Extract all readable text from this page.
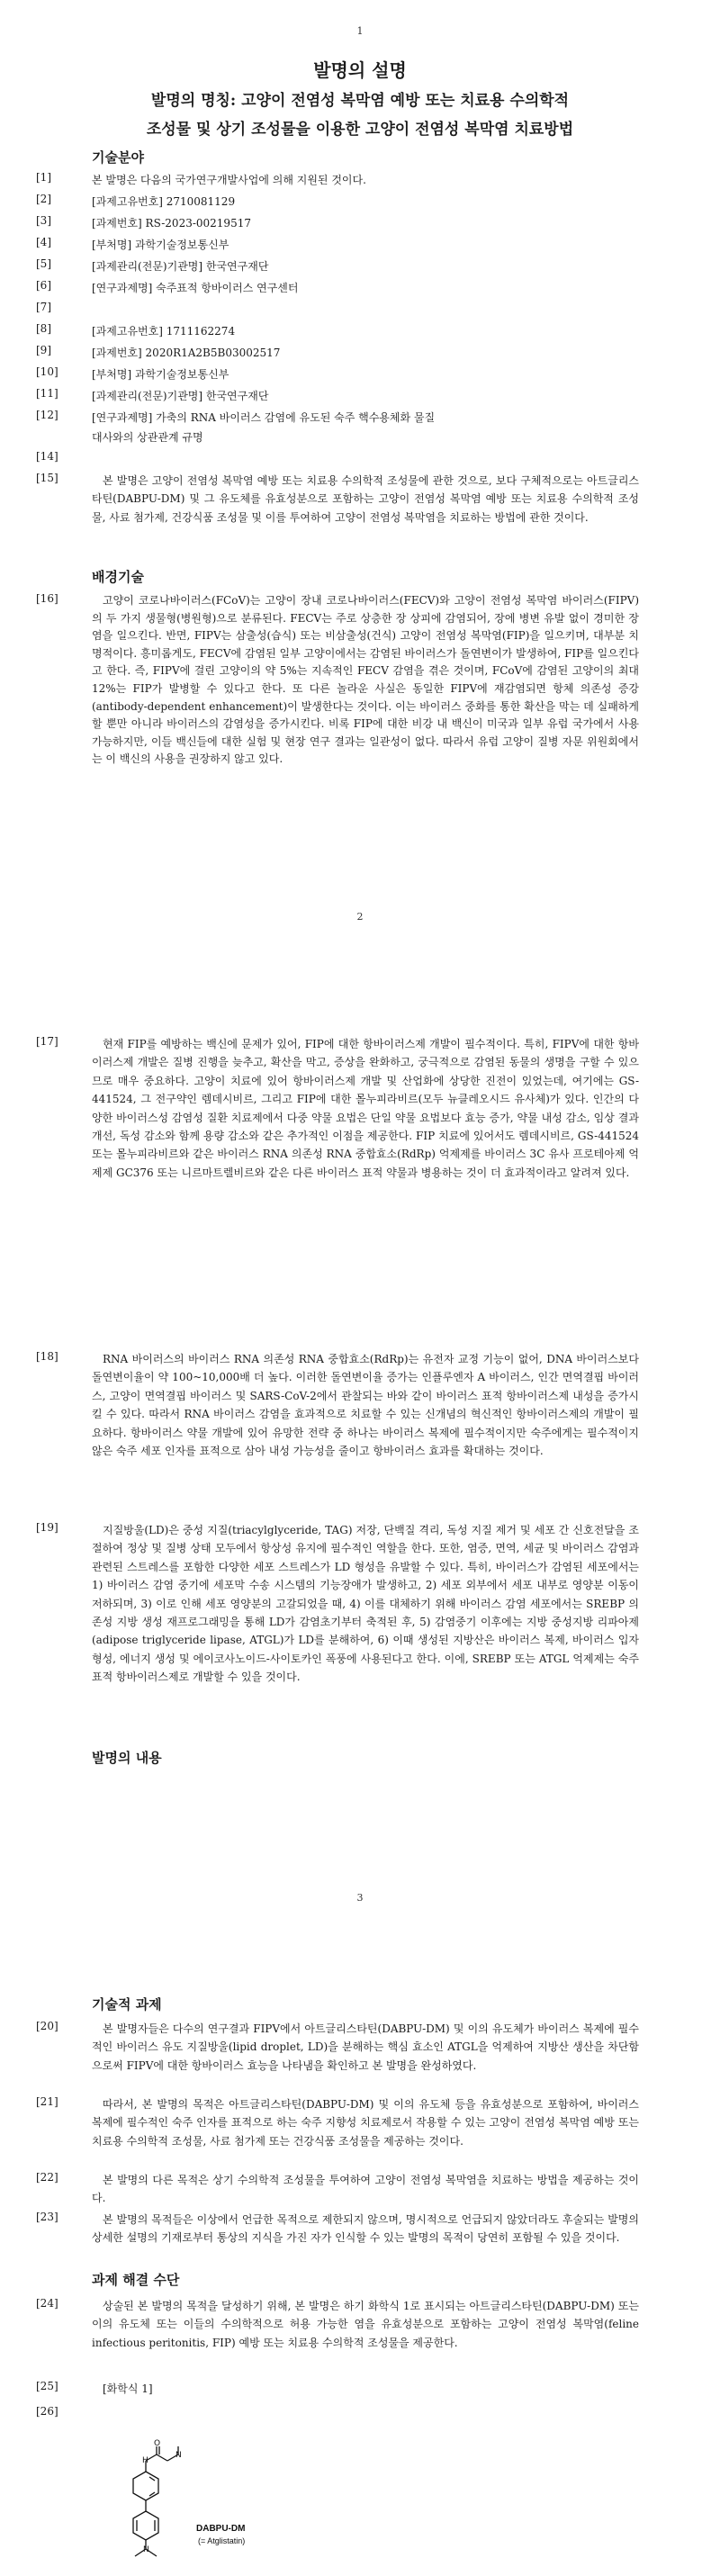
1
발명의 설명
발명의 명칭: 고양이 전염성 복막염 예방 또는 치료용 수의학적
조성물 및 상기 조성물을 이용한 고양이 전염성 복막염 치료방법
기술분야
[1]	본 발명은 다음의 국가연구개발사업에 의해 지원된 것이다.
[2]	[과제고유번호] 2710081129
[3]	[과제번호] RS-2023-00219517
[4]	[부처명] 과학기술정보통신부
[5]	[과제관리(전문)기관명] 한국연구재단
[6]	[연구과제명] 숙주표적 항바이러스 연구센터
[7]
[8]	[과제고유번호] 1711162274
[9]	[과제번호] 2020R1A2B5B03002517
[10]	[부처명] 과학기술정보통신부
[11]	[과제관리(전문)기관명] 한국연구재단
[12]	[연구과제명] 가축의 RNA 바이러스 감염에 유도된 숙주 핵수용체화 물질
대사와의 상관관계 규명
[14]
[15]	본 발명은 고양이 전염성 복막염 예방 또는 치료용 수의학적 조성물에 관한 것으로, 보다 구체적으로는 아트글리스타틴(DABPU-DM) 및 그 유도체를 유효성분으로 포함하는 고양이 전염성 복막염 예방 또는 치료용 수의학적 조성물, 사료 첨가제, 건강식품 조성물 및 이를 투여하여 고양이 전염성 복막염을 치료하는 방법에 관한 것이다.
배경기술
[16]	고양이 코로나바이러스(FCoV)는 고양이 장내 코로나바이러스(FECV)와 고양이 전염성 복막염 바이러스(FIPV)의 두 가지 생물형(병원형)으로 분류된다. FECV는 주로 상층한 장 상피에 감염되어, 장에 병변 유발 없이 경미한 장염을 일으킨다. 반면, FIPV는 삼출성(습식) 또는 비삼출성(건식) 고양이 전염성 복막염(FIP)을 일으키며, 대부분 치명적이다. 흥미롭게도, FECV에 감염된 일부 고양이에서는 감염된 바이러스가 돌연변이가 발생하여, FIP를 일으킨다고 한다. 즉, FIPV에 걸린 고양이의 약 5%는 지속적인 FECV 감염을 겪은 것이며, FCoV에 감염된 고양이의 최대 12%는 FIP가 발병할 수 있다고 한다. 또 다른 놀라운 사실은 동일한 FIPV에 재감염되면 항체 의존성 증강(antibody-dependent enhancement)이 발생한다는 것이다. 이는 바이러스 중화를 통한 확산을 막는 데 실패하게 할 뿐만 아니라 바이러스의 감염성을 증가시킨다. 비록 FIP에 대한 비강 내 백신이 미국과 일부 유럽 국가에서 사용 가능하지만, 이들 백신들에 대한 실험 및 현장 연구 결과는 일관성이 없다. 따라서 유럽 고양이 질병 자문 위원회에서는 이 백신의 사용을 권장하지 않고 있다.
2
[17]	현재 FIP를 예방하는 백신에 문제가 있어, FIP에 대한 항바이러스제 개발이 필수적이다. 특히, FIPV에 대한 항바이러스제 개발은 질병 진행을 늦추고, 확산을 막고, 증상을 완화하고, 궁극적으로 감염된 동물의 생명을 구할 수 있으므로 매우 중요하다. 고양이 치료에 있어 항바이러스제 개발 및 산업화에 상당한 진전이 있었는데, 여기에는 GS-441524, 그 전구약인 렘데시비르, 그리고 FIP에 대한 몰누피라비르(모두 뉴클레오시드 유사체)가 있다. 인간의 다양한 바이러스성 감염성 질환 치료제에서 다중 약물 요법은 단일 약물 요법보다 효능 증가, 약물 내성 감소, 임상 결과 개선, 독성 감소와 함께 용량 감소와 같은 추가적인 이점을 제공한다. FIP 치료에 있어서도 렘데시비르, GS-441524 또는 몰누피라비르와 같은 바이러스 RNA 의존성 RNA 중합효소(RdRp) 억제제를 바이러스 3C 유사 프로테아제 억제제 GC376 또는 니르마트렐비르와 같은 다른 바이러스 표적 약물과 병용하는 것이 더 효과적이라고 알려져 있다.
[18]	RNA 바이러스의 바이러스 RNA 의존성 RNA 중합효소(RdRp)는 유전자 교정 기능이 없어, DNA 바이러스보다 돌연변이율이 약 100~10,000배 더 높다. 이러한 돌연변이율 증가는 인플루엔자 A 바이러스, 인간 면역결핍 바이러스, 고양이 면역결핍 바이러스 및 SARS-CoV-2에서 관찰되는 바와 같이 바이러스 표적 항바이러스제 내성을 증가시킬 수 있다. 따라서 RNA 바이러스 감염을 효과적으로 치료할 수 있는 신개념의 혁신적인 항바이러스제의 개발이 필요하다. 항바이러스 약물 개발에 있어 유망한 전략 중 하나는 바이러스 복제에 필수적이지만 숙주에게는 필수적이지 않은 숙주 세포 인자를 표적으로 삼아 내성 가능성을 줄이고 항바이러스 효과를 확대하는 것이다.
[19]	지질방울(LD)은 중성 지질(triacylglyceride, TAG) 저장, 단백질 격리, 독성 지질 제거 및 세포 간 신호전달을 조절하여 정상 및 질병 상태 모두에서 항상성 유지에 필수적인 역할을 한다. 또한, 염증, 면역, 세균 및 바이러스 감염과 관련된 스트레스를 포함한 다양한 세포 스트레스가 LD 형성을 유발할 수 있다. 특히, 바이러스가 감염된 세포에서는 1) 바이러스 감염 중기에 세포막 수송 시스템의 기능장애가 발생하고, 2) 세포 외부에서 세포 내부로 영양분 이동이 저하되며, 3) 이로 인해 세포 영양분의 고갈되었을 때, 4) 이를 대체하기 위해 바이러스 감염 세포에서는 SREBP 의존성 지방 생성 재프로그래밍을 통해 LD가 감염초기부터 축적된 후, 5) 감염중기 이후에는 지방 중성지방 리파아제(adipose triglyceride lipase, ATGL)가 LD를 분해하여, 6) 이때 생성된 지방산은 바이러스 복제, 바이러스 입자 형성, 에너지 생성 및 에이코사노이드-사이토카인 폭풍에 사용된다고 한다. 이에, SREBP 또는 ATGL 억제제는 숙주 표적 항바이러스제로 개발할 수 있을 것이다.
발명의 내용
3
기술적 과제
[20]	본 발명자들은 다수의 연구결과 FIPV에서 아트글리스타틴(DABPU-DM) 및 이의 유도체가 바이러스 복제에 필수적인 바이러스 유도 지질방울(lipid droplet, LD)을 분해하는 핵심 효소인 ATGL을 억제하여 지방산 생산을 차단함으로써 FIPV에 대한 항바이러스 효능을 나타냄을 확인하고 본 발명을 완성하였다.
[21]	따라서, 본 발명의 목적은 아트글리스타틴(DABPU-DM) 및 이의 유도체 등을 유효성분으로 포함하여, 바이러스 복제에 필수적인 숙주 인자를 표적으로 하는 숙주 지향성 치료제로서 작용할 수 있는 고양이 전염성 복막염 예방 또는 치료용 수의학적 조성물, 사료 첨가제 또는 건강식품 조성물을 제공하는 것이다.
[22]	본 발명의 다른 목적은 상기 수의학적 조성물을 투여하여 고양이 전염성 복막염을 치료하는 방법을 제공하는 것이다.
[23]	본 발명의 목적들은 이상에서 언급한 목적으로 제한되지 않으며, 명시적으로 언급되지 않았더라도 후술되는 발명의 상세한 설명의 기재로부터 통상의 지식을 가진 자가 인식할 수 있는 발명의 목적이 당연히 포함될 수 있을 것이다.
과제 해결 수단
[24]	상술된 본 발명의 목적을 달성하기 위해, 본 발명은 하기 화학식 1로 표시되는 아트글리스타틴(DABPU-DM) 또는 이의 유도체 또는 이들의 수의학적으로 허용 가능한 염을 유효성분으로 포함하는 고양이 전염성 복막염(feline infectious peritonitis, FIP) 예방 또는 치료용 수의학적 조성물을 제공한다.
[25]	[화학식 1]
[26]
H
O
N
N
DABPU-DM
(= Atglistatin)
